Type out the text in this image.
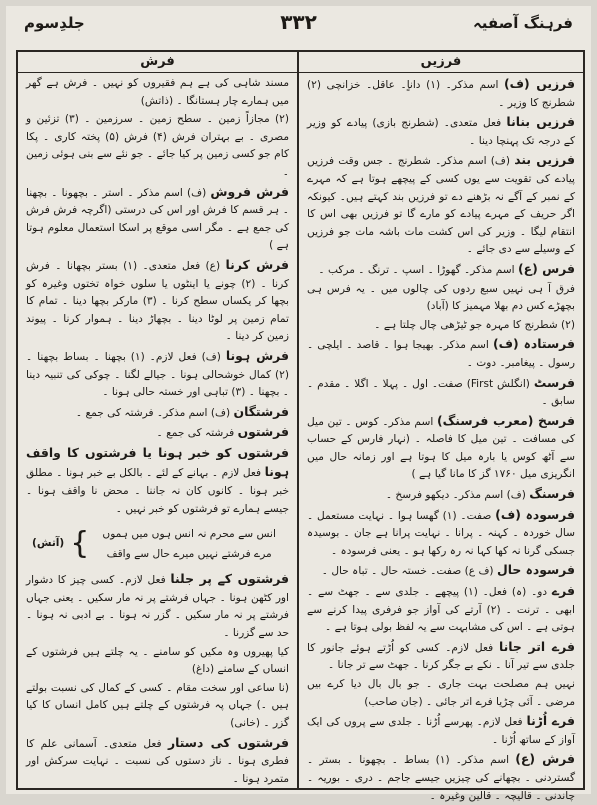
فرہنگ آصفیہ
۳۳۲
جلدِسوم
فرزیں

فرزیں (ف) اسم مذکر۔ (۱) داناٍ۔ عاقل۔ خزانچی (۲) شطرنج کا وزیر ۔

فرزیں بنانا فعل متعدی۔ (شطرنج بازی) پیادے کو وزیر کے درجہ تک پہنچا دینا ۔

فرزیں بند (ف) اسم مذکر۔ شطرنج ۔ جس وقت فرزیں پیادے کی تقویت سے یوں کسی کے پیچھے ہوتا ہے کہ مہرے کے نمبر کے آگے نہ بڑھنے دے تو فرزیں بند کہتے ہیں۔ کیونکہ اگر حریف کے مہرے پیادے کو مارے گا تو فرزیں بھی اس کا انتقام لیگا ۔ وزیر کی اس کشت مات باشہ مات جو فرزیں کے وسیلے سے دی جائے ۔

فرس (ع) اسم مذکر۔ گھوڑا ۔ اسپ ۔ ترنگ ۔ مرکب ۔

فرق آ ہی نہیں سبع ردوں کی چالوں میں ۔ یہ فرس ہی بچھڑے کس دم بھلا مہمیز کا (آباد)

(۲) شطرنج کا مہرہ جو ٹیڑھی چال چلتا ہے ۔

فرستادہ (ف) اسم مذکر۔ بھیجا ہوا ۔ قاصد ۔ ایلچی ۔ رسول ۔ پیغامبر۔ دوت ۔

فرسٹ (انگلش First) صفت۔ اول ۔ پہلا ۔ اگلا ۔ مقدم ۔ سابق ۔

فرسخ (معرب فرسنگ) اسم مذکر۔ کوس ۔ تین میل کی مسافت ۔ تین میل کا فاصلہ ۔ (نہار فارس کے حساب سے آٹھ کوس یا بارہ میل کا ہوتا ہے اور زمانہ حال میں انگریزی میل ۱۷۶۰ گز کا مانا گیا ہے )

فرسنگ (ف) اسم مذکر۔ دیکھو فرسخ ۔

فرسودہ (ف) صفت۔ (۱) گھسا ہوا ۔ نہایت مستعمل ۔ سال خوردہ ۔ کہنہ ۔ پرانا ۔ نہایت پرانا ہے جان ۔ بوسیدہ جسکی گرنا نہ کھا کہا نہ رہ رکھا ہو ۔ یعنی فرسودہ ۔

فرسودہ حال (ف ع) صفت۔ خستہ حال ۔ تباہ حال ۔

فرے دو۔ (ہ) فعل۔ (۱) پیچھے ۔ جلدی سے ۔ جھٹ سے ۔ ابھی ۔ ترنت ۔ (۲) آرتے کی آواز جو فرفری پیدا کرنے سے ہوتی ہے ۔ اس کی مشابہت سے یہ لفظ بولی ہوتا ہے ۔

فرے اتر جانا فعل لازم۔ کسی کو اُڑتے ہوئے جانور کا جلدی سے تیر آنا ۔ نکے بے جگر کرنا ۔ جھٹ سے تر جانا ۔

نہیں ہم مصلحت بہت جاری ۔ جو بال بال دیا کرے بیں مرضی ۔ آئی چڑیا فرے اتر جائی ۔ (جان صاحب)

فرے اُڑنا فعل لازم۔ پھرسے اُڑنا ۔ جلدی سے پروں کی ایک آواز کے ساتھ اُڑنا ۔

فرش (ع) اسم مذکر۔ (۱) بساط ۔ بچھونا ۔ بستر ۔ گستردنی ۔ بچھانے کی چیزیں جیسے جاجم ۔ دری ۔ بوریہ ۔ چاندنی ۔ قالیچہ ۔ قالین وغیرہ ۔

فرش

مسند شاہی کی ہے ہم فقیروں کو نہیں ۔ فرش ہے گھر میں ہمارے چار ہستانگا ۔ (ذاتش)

(۲) مجازاً زمین ۔ سطح زمین ۔ سرزمین ۔ (۳) تزئین و مصری ۔ بے بہتران فرش (۴) فرش (۵) پختہ کاری ۔ پکا کام جو کسی زمین پر کیا جائے ۔ جو نئے سے بنی ہوئی زمین ۔

فرش فروش (ف) اسم مذکر ۔ استر ۔ بچھونا ۔ بچھنا ۔ ہر قسم کا فرش اور اس کی درستی (اگرچہ فرش فرش کی جمع ہے ۔ مگر اسی موقع پر اسکا استعمال معلوم ہوتا ہے )

فرش کرنا (ع) فعل متعدی۔ (۱) بستر بچھانا ۔ فرش کرنا ۔ (۲) چونے یا اینٹوں یا سلوں خواہ تختوں وغیرہ کو بچھا کر یکساں سطح کرنا ۔ (۳) مارکر بچھا دینا ۔ تمام کا تمام زمین پر لوٹا دینا ۔ بچھاڑ دینا ۔ ہموار کرنا ۔ پیوند زمین کر دینا ۔

فرش ہونا (ف) فعل لازم۔ (۱) بچھنا ۔ بساط بچھنا ۔ (۲) کمال خوشحالی ہونا ۔ جیالے لگنا ۔ چوکی کی تنبیہ دینا ۔ بچھنا ۔ (۳) تباہی اور خستہ حالی ہونا ۔

فرشتگان (ف) اسم مذکر۔ فرشتہ کی جمع ۔

فرشتوں فرشتہ کی جمع ۔

فرشتوں کو خبر ہونا یا فرشتوں کا واقف ہونا فعل لازم ۔ بہانے کے لئے ۔ بالکل بے خبر ہونا ۔ مطلق خبر ہونا ۔ کانوں کان نہ جاننا ۔ محض نا واقف ہونا ۔ جیسے ہمارے تو فرشتوں کو خبر نہیں ۔

انس سے محرم نہ انس ہوں میں ہموں
مرے فرشتے نہیں میرے حال سے واقف
}
(آتش)

فرشتوں کے پر جلنا فعل لازم۔ کسی چیز کا دشوار اور کٹھن ہونا ۔ جہاں فرشتے پر نہ مار سکیں ۔ یعنی جہاں فرشتے پر نہ مار سکیں ۔ گزر نہ ہونا ۔ بے ادبی نہ ہونا ۔ حد سے گزرنا ۔

کیا پھیروں وہ مکیں کو سامنے ۔ یہ چلتے ہیں فرشتوں کے انساں کے سامنے (داغ)

(نا ساعی اور سخت مقام ۔ کسی کے کمال کی نسبت بولتے ہیں ۔) جہاں پہ فرشتوں کے چلتے ہیں کامل انساں کا کیا گزر ۔ (خانی)

فرشتوں کی دستار فعل متعدی۔ آسمانی علم کا فطری ہونا ۔ ناز دستوں کی نسبت ۔ نہایت سرکش اور متمرد ہونا ۔
